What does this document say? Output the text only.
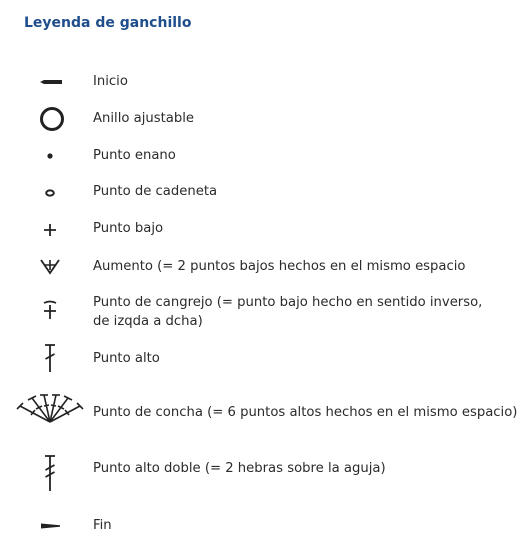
Leyenda de ganchillo
Inicio
Anillo ajustable
Punto enano
Punto de cadeneta
Punto bajo
Aumento (= 2 puntos bajos hechos en el mismo espacio
Punto de cangrejo (= punto bajo hecho en sentido inverso,
de izqda a dcha)
Punto alto
Punto de concha (= 6 puntos altos hechos en el mismo espacio)
Punto alto doble (= 2 hebras sobre la aguja)
Fin
